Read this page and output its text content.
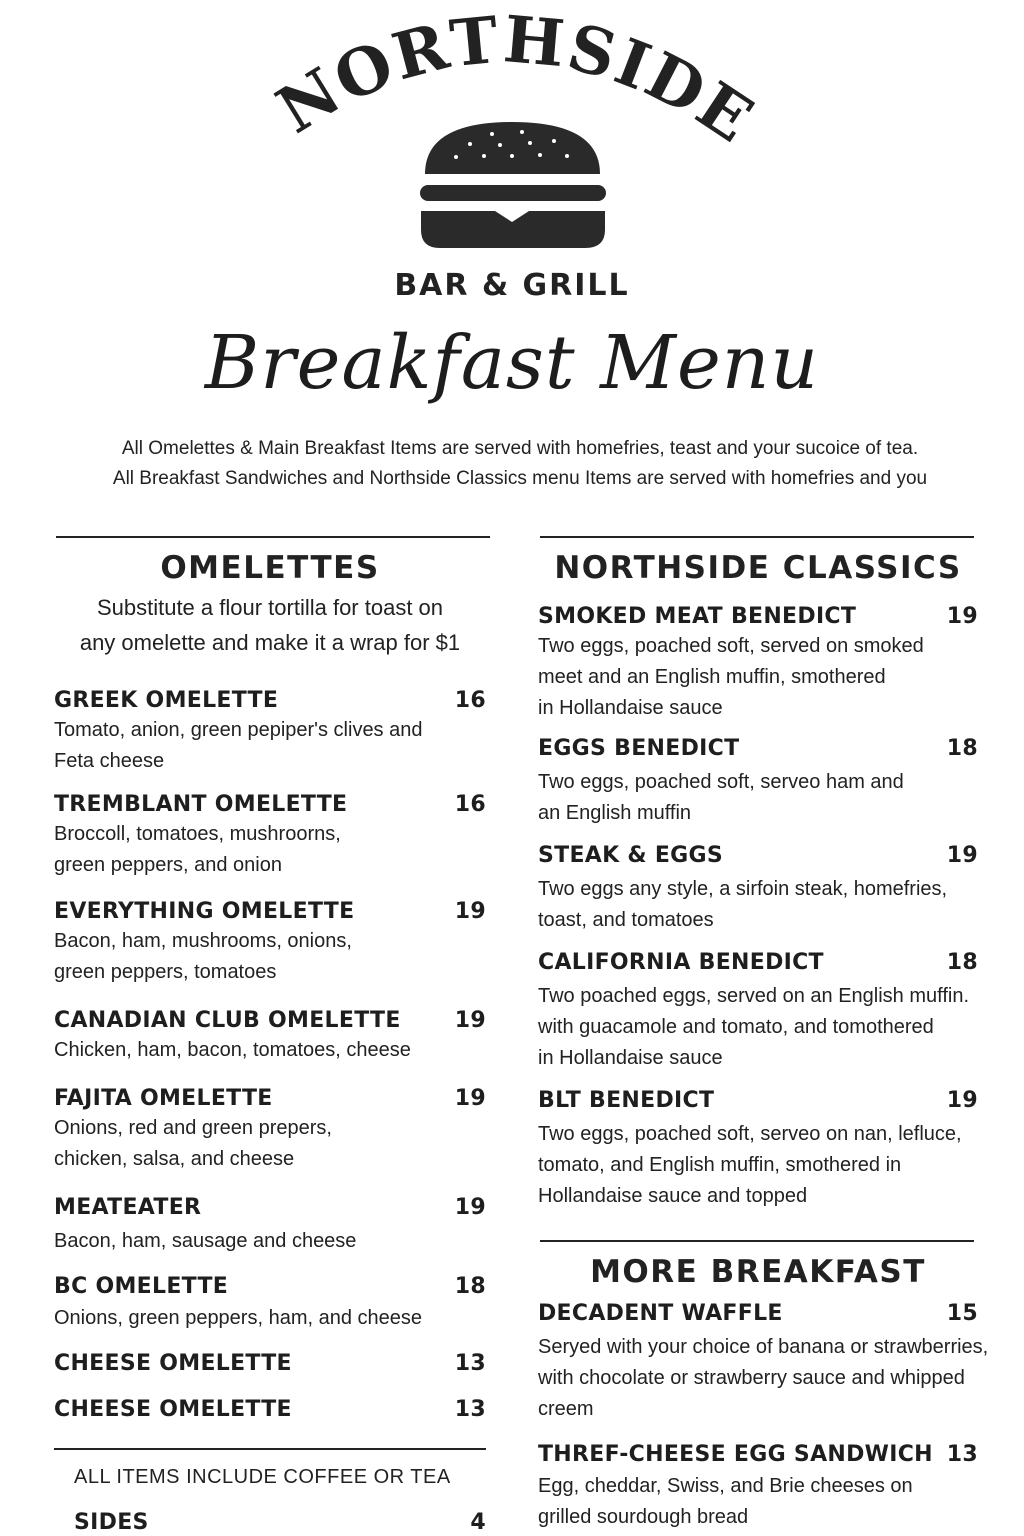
NORTHSIDE
BAR & GRILL
Breakfast Menu
All Omelettes & Main Breakfast Items are served with homefries, teast and your sucoice of tea.
All Breakfast Sandwiches and Northside Classics menu Items are served with homefries and you
OMELETTES
Substitute a flour tortilla for toast on
any omelette and make it a wrap for $1
GREEK OMELETTE	16
Tomato, anion, green pepiper's clives and
Feta cheese
TREMBLANT OMELETTE	16
Broccoll, tomatoes, mushroorns,
green peppers, and onion
EVERYTHING OMELETTE	19
Bacon, ham, mushrooms, onions,
green peppers, tomatoes
CANADIAN CLUB OMELETTE 19
Chicken, ham, bacon, tomatoes, cheese
FAJITA OMELETTE	19
Onions, red and green prepers,
chicken, salsa, and cheese
MEATEATER	19
Bacon, ham, sausage and cheese
BC OMELETTE	18
Onions, green peppers, ham, and cheese
CHEESE OMELETTE	13
CHEESE OMELETTE	13
ALL ITEMS INCLUDE COFFEE OR TEA
SIDES	4
NORTHSIDE CLASSICS
SMOKED MEAT BENEDICT	19
Two eggs, poached soft, served on smoked
meet and an English muffin, smothered
in Hollandaise sauce
EGGS BENEDICT	18
Two eggs, poached soft, serveo ham and
an English muffin
STEAK & EGGS	19
Two eggs any style, a sirfoin steak, homefries,
toast, and tomatoes
CALIFORNIA BENEDICT	18
Two poached eggs, served on an English muffin.
with guacamole and tomato, and tomothered
in Hollandaise sauce
BLT BENEDICT	19
Two eggs, poached soft, serveo on nan, lefluce,
tomato, and English muffin, smothered in
Hollandaise sauce and topped
MORE BREAKFAST
DECADENT WAFFLE	15
Seryed with your choice of banana or strawberries,
with chocolate or strawberry sauce and whipped
creem
THREF-CHEESE EGG SANDWICH 13
Egg, cheddar, Swiss, and Brie cheeses on
grilled sourdough bread
